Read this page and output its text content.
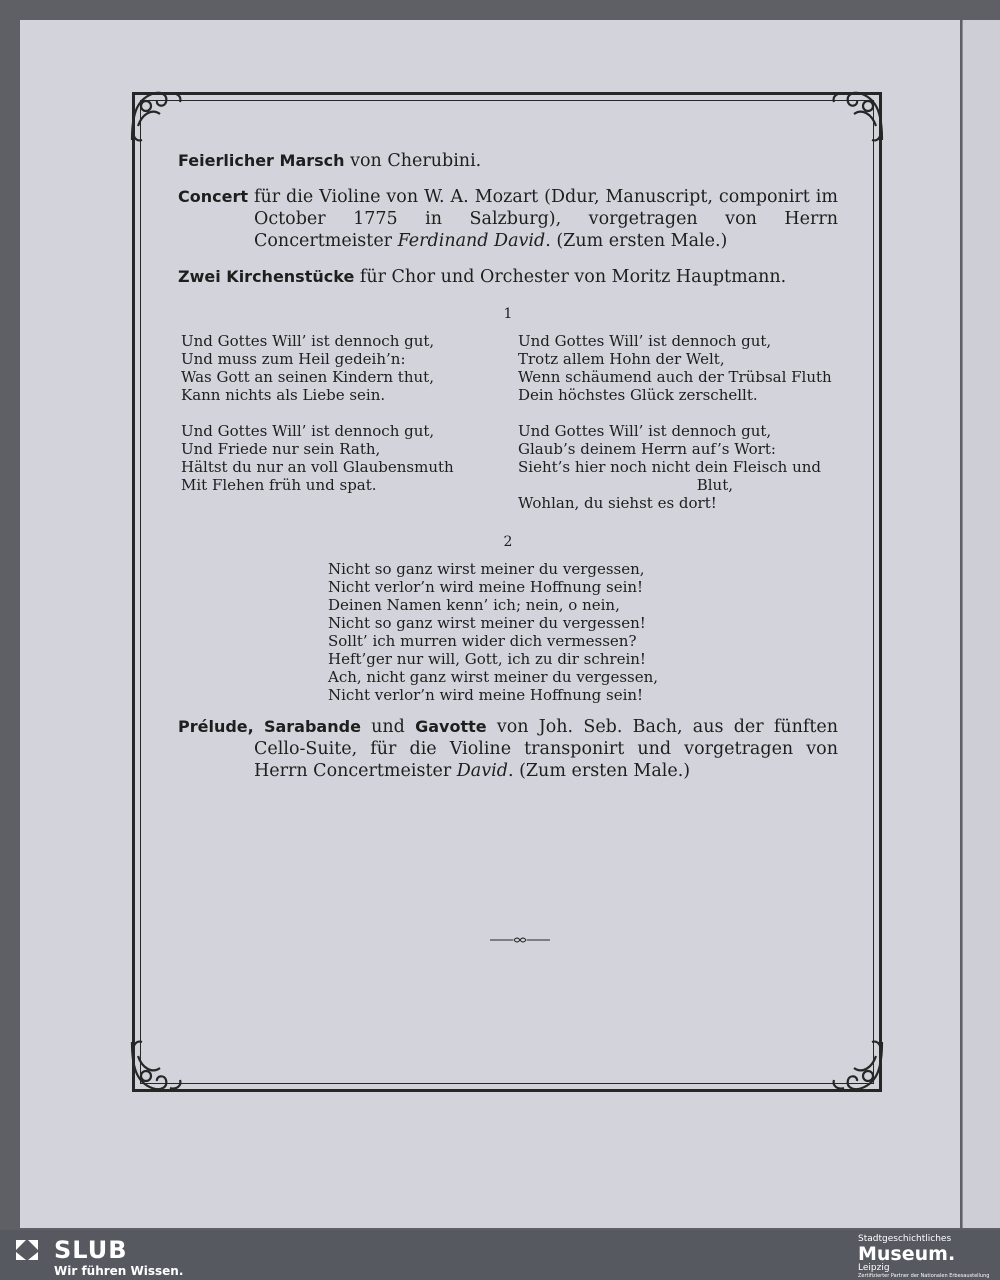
Feierlicher Marsch von Cherubini.

Concert für die Violine von W. A. Mozart (Ddur, Manuscript, componirt im October 1775 in Salzburg), vorgetragen von Herrn Concertmeister Ferdinand David. (Zum ersten Male.)

Zwei Kirchenstücke für Chor und Orchester von Moritz Hauptmann.

1
Und Gottes Will’ ist dennoch gut,
Und muss zum Heil gedeih’n:
Was Gott an seinen Kindern thut,
Kann nichts als Liebe sein.
Und Gottes Will’ ist dennoch gut,
Und Friede nur sein Rath,
Hältst du nur an voll Glaubensmuth
Mit Flehen früh und spat.
Und Gottes Will’ ist dennoch gut,
Trotz allem Hohn der Welt,
Wenn schäumend auch der Trübsal Fluth
Dein höchstes Glück zerschellt.
Und Gottes Will’ ist dennoch gut,
Glaub’s deinem Herrn auf’s Wort:
Sieht’s hier noch nicht dein Fleisch und
Blut,
Wohlan, du siehst es dort!
2
Nicht so ganz wirst meiner du vergessen,
Nicht verlor’n wird meine Hoffnung sein!
Deinen Namen kenn’ ich; nein, o nein,
Nicht so ganz wirst meiner du vergessen!
Sollt’ ich murren wider dich vermessen?
Heft’ger nur will, Gott, ich zu dir schrein!
Ach, nicht ganz wirst meiner du vergessen,
Nicht verlor’n wird meine Hoffnung sein!

Prélude, Sarabande und Gavotte von Joh. Seb. Bach, aus der fünften Cello-Suite, für die Violine transponirt und vorgetragen von Herrn Concertmeister David. (Zum ersten Male.)

SLUB
Wir führen Wissen.
Stadtgeschichtliches
Museum.
Leipzig
Zertifizierter Partner der Nationalen Erbesaustellung
